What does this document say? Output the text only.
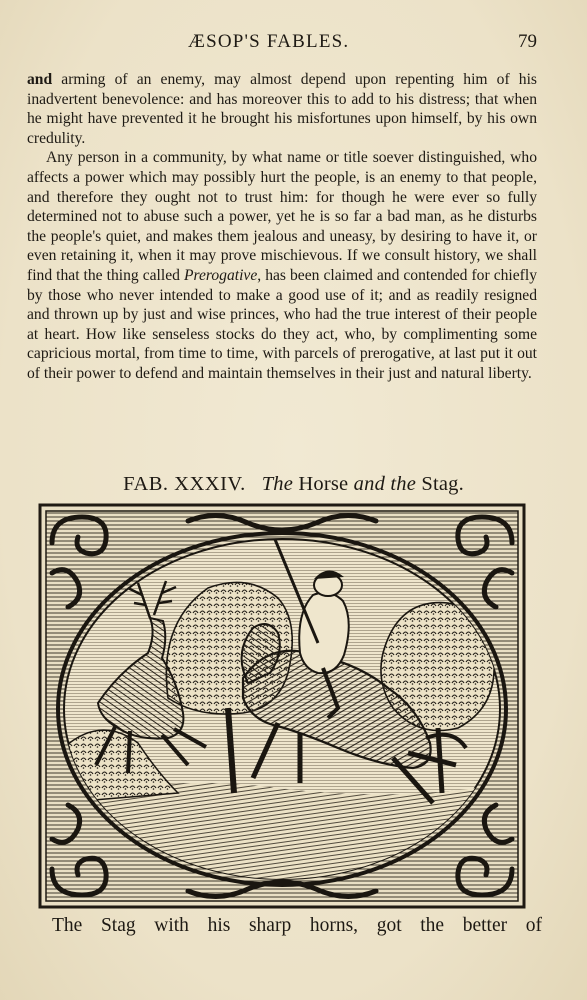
ÆSOP'S FABLES.	79

and arming of an enemy, may almost depend upon repenting him of his inadvertent benevolence: and has moreover this to add to his distress; that when he might have prevented it he brought his misfortunes upon himself, by his own credulity.

Any person in a community, by what name or title soever distinguished, who affects a power which may possibly hurt the people, is an enemy to that people, and therefore they ought not to trust him: for though he were ever so fully determined not to abuse such a power, yet he is so far a bad man, as he disturbs the people's quiet, and makes them jealous and uneasy, by desiring to have it, or even retaining it, when it may prove mischievous. If we consult history, we shall find that the thing called Prerogative, has been claimed and contended for chiefly by those who never intended to make a good use of it; and as readily resigned and thrown up by just and wise princes, who had the true interest of their people at heart. How like senseless stocks do they act, who, by complimenting some capricious mortal, from time to time, with parcels of prerogative, at last put it out of their power to defend and maintain themselves in their just and natural liberty.

FAB. XXXIV. The Horse and the Stag.
The Stag with his sharp horns, got the better of
